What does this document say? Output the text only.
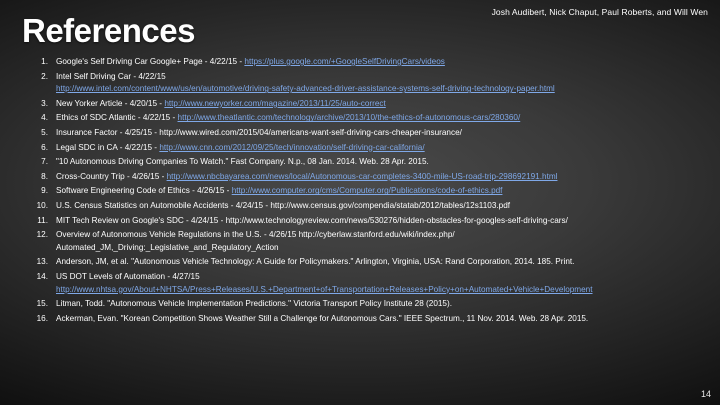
Josh Audibert, Nick Chaput, Paul Roberts, and Will Wen
References
1. Google's Self Driving Car Google+ Page - 4/22/15 - https://plus.google.com/+GoogleSelfDrivingCars/videos
2. Intel Self Driving Car - 4/22/15
http://www.intel.com/content/www/us/en/automotive/driving-safety-advanced-driver-assistance-systems-self-driving-technology-paper.html
3. New Yorker Article - 4/20/15 - http://www.newyorker.com/magazine/2013/11/25/auto-correct
4. Ethics of SDC Atlantic - 4/22/15 - http://www.theatlantic.com/technology/archive/2013/10/the-ethics-of-autonomous-cars/280360/
5. Insurance Factor - 4/25/15 - http://www.wired.com/2015/04/americans-want-self-driving-cars-cheaper-insurance/
6. Legal SDC in CA - 4/22/15 - http://www.cnn.com/2012/09/25/tech/innovation/self-driving-car-california/
7. "10 Autonomous Driving Companies To Watch." Fast Company. N.p., 08 Jan. 2014. Web. 28 Apr. 2015.
8. Cross-Country Trip - 4/26/15 - http://www.nbcbayarea.com/news/local/Autonomous-car-completes-3400-mile-US-road-trip-298692191.html
9. Software Engineering Code of Ethics - 4/26/15 - http://www.computer.org/cms/Computer.org/Publications/code-of-ethics.pdf
10. U.S. Census Statistics on Automobile Accidents - 4/24/15 - http://www.census.gov/compendia/statab/2012/tables/12s1103.pdf
11. MIT Tech Review on Google's SDC - 4/24/15 - http://www.technologyreview.com/news/530276/hidden-obstacles-for-googles-self-driving-cars/
12. Overview of Autonomous Vehicle Regulations in the U.S. - 4/26/15 http://cyberlaw.stanford.edu/wiki/index.php/
Automated_JM,_Driving:_Legislative_and_Regulatory_Action
13. Anderson, JM, et al. "Autonomous Vehicle Technology: A Guide for Policymakers." Arlington, Virginia, USA: Rand Corporation, 2014. 185. Print.
14. US DOT Levels of Automation - 4/27/15
http://www.nhtsa.gov/About+NHTSA/Press+Releases/U.S.+Department+of+Transportation+Releases+Policy+on+Automated+Vehicle+Development
15. Litman, Todd. "Autonomous Vehicle Implementation Predictions." Victoria Transport Policy Institute 28 (2015).
16. Ackerman, Evan. "Korean Competition Shows Weather Still a Challenge for Autonomous Cars." IEEE Spectrum., 11 Nov. 2014. Web. 28 Apr. 2015.
14
